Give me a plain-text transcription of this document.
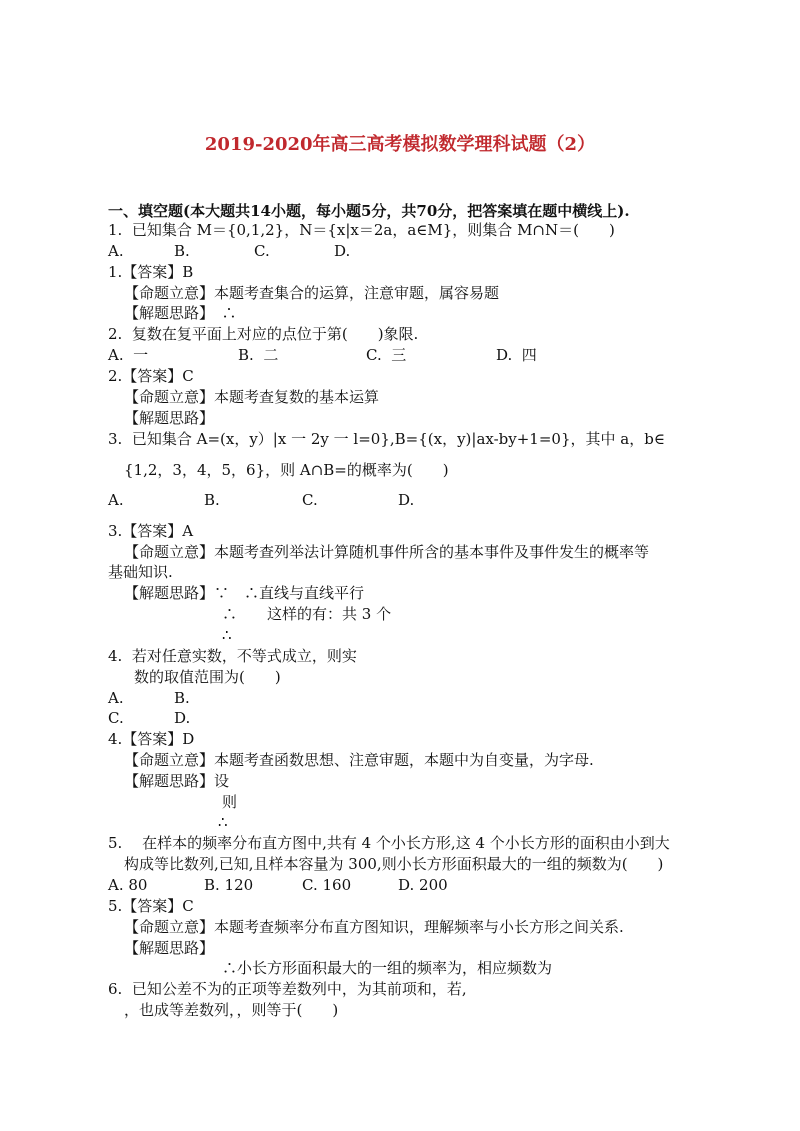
2019-2020年高三高考模拟数学理科试题（2）
一、填空题(本大题共14小题，每小题5分，共70分，把答案填在题中横线上).
1.  已知集合 M＝{0,1,2}，N＝{x|x＝2a，a∈M}，则集合 M∩N＝(　　)
A.	B.	C.	D.
1.【答案】B
【命题立意】本题考查集合的运算，注意审题，属容易题
【解题思路】　∴
2.  复数在复平面上对应的点位于第(　　)象限.
A.  一	B.  二	C.  三	D.  四
2.【答案】C
【命题立意】本题考查复数的基本运算
【解题思路】
3.  已知集合 A=(x，y）|x 一 2y 一 l=0},B={(x，y)|ax-by+1=0}，其中 a，b∈
{1,2，3，4，5，6}，则 A∩B=的概率为(　　)
A.	B.	C.	D.
3.【答案】A
【命题立意】本题考查列举法计算随机事件所含的基本事件及事件发生的概率等
基础知识.
【解题思路】∵　∴直线与直线平行
∴　　这样的有：共 3 个
∴
4.  若对任意实数，不等式成立，则实
数的取值范围为(　　)
A.	B.
C.	D.
4.【答案】D
【命题立意】本题考查函数思想、注意审题，本题中为自变量，为字母.
【解题思路】设
则
∴
5.　 在样本的频率分布直方图中,共有 4 个小长方形,这 4 个小长方形的面积由小到大
构成等比数列,已知,且样本容量为 300,则小长方形面积最大的一组的频数为(　　)
A. 80	B. 120	C. 160	D. 200
5.【答案】C
【命题立意】本题考查频率分布直方图知识，理解频率与小长方形之间关系.
【解题思路】
∴小长方形面积最大的一组的频率为，相应频数为
6.  已知公差不为的正项等差数列中，为其前项和，若,
，也成等差数列，，则等于(　　)
